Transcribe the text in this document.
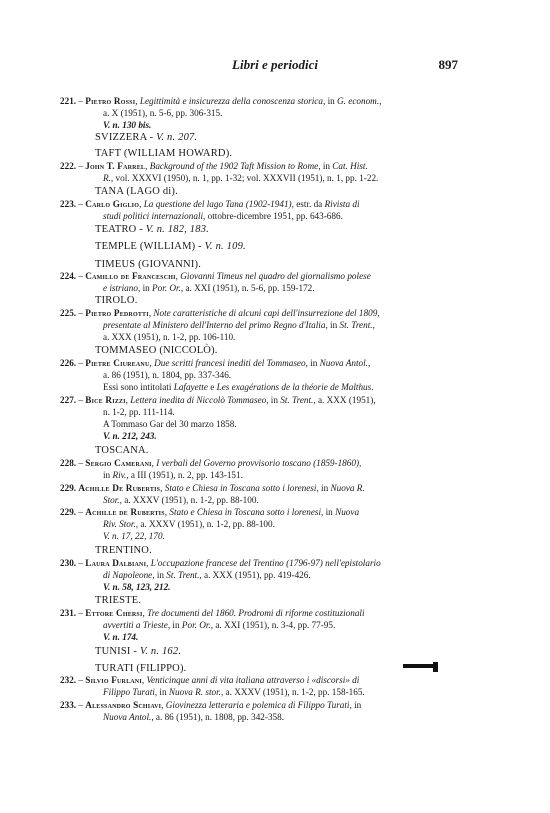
Libri e periodici	897
221. – Pietro Rossi, Legittimità e insicurezza della conoscenza storica, in G. econom.,
a. X (1951), n. 5-6, pp. 306-315.
V. n. 130 bis.
SVIZZERA - V. n. 207.
TAFT (WILLIAM HOWARD).
222. – John T. Farrel, Background of the 1902 Taft Mission to Rome, in Cat. Hist.
R., vol. XXXVI (1950), n. 1, pp. 1-32; vol. XXXVII (1951), n. 1, pp. 1-22.
TANA (LAGO di).
223. – Carlo Giglio, La questione del lago Tana (1902-1941), estr. da Rivista di
studi politici internazionali, ottobre-dicembre 1951, pp. 643-686.
TEATRO - V. n. 182, 183.
TEMPLE (WILLIAM) - V. n. 109.
TIMEUS (GIOVANNI).
224. – Camillo de Franceschi, Giovanni Timeus nel quadro del giornalismo polese
e istriano, in Por. Or., a. XXI (1951), n. 5-6, pp. 159-172.
TIROLO.
225. – Pietro Pedrotti, Note caratteristiche di alcuni capi dell'insurrezione del 1809,
presentate al Ministero dell'Interno del primo Regno d'Italia, in St. Trent.,
a. XXX (1951), n. 1-2, pp. 106-110.
TOMMASEO (NICCOLÒ).
226. – Pietre Ciureanu, Due scritti francesi inediti del Tommaseo, in Nuova Antol.,
a. 86 (1951), n. 1804, pp. 337-346.
Essi sono intitolati Lafayette e Les exagérations de la théorie de Malthus.
227. – Bice Rizzi, Lettera inedita di Niccolò Tommaseo, in St. Trent., a. XXX (1951),
n. 1-2, pp. 111-114.
A Tommaso Gar del 30 marzo 1858.
V. n. 212, 243.
TOSCANA.
228. – Sergio Camerani, I verbali del Governo provvisorio toscano (1859-1860),
in Riv., a III (1951), n. 2, pp. 143-151.
229. Achille De Rubertis, Stato e Chiesa in Toscana sotto i lorenesi, in Nuova R.
Stor., a. XXXV (1951), n. 1-2, pp. 88-100.
229. – Achille de Rubertis, Stato e Chiesa in Toscana sotto i lorenesi, in Nuova
Riv. Stor., a. XXXV (1951), n. 1-2, pp. 88-100.
V. n. 17, 22, 170.
TRENTINO.
230. – Laura Dalbiani, L'occupazione francese del Trentino (1796-97) nell'epistolario
di Napoleone, in St. Trent., a. XXX (1951), pp. 419-426.
V. n. 58, 123, 212.
TRIESTE.
231. – Ettore Chersi, Tre documenti del 1860. Prodromi di riforme costituzionali
avvertiti a Trieste, in Por. Or., a. XXI (1951), n. 3-4, pp. 77-95.
V. n. 174.
TUNISI - V. n. 162.
TURATI (FILIPPO).
232. – Silvio Furlani, Venticinque anni di vita italiana attraverso i «discorsi» di
Filippo Turati, in Nuova R. stor., a. XXXV (1951), n. 1-2, pp. 158-165.
233. – Alessandro Schiavi, Giovinezza letteraria e polemica di Filippo Turati, in
Nuova Antol., a. 86 (1951), n. 1808, pp. 342-358.
